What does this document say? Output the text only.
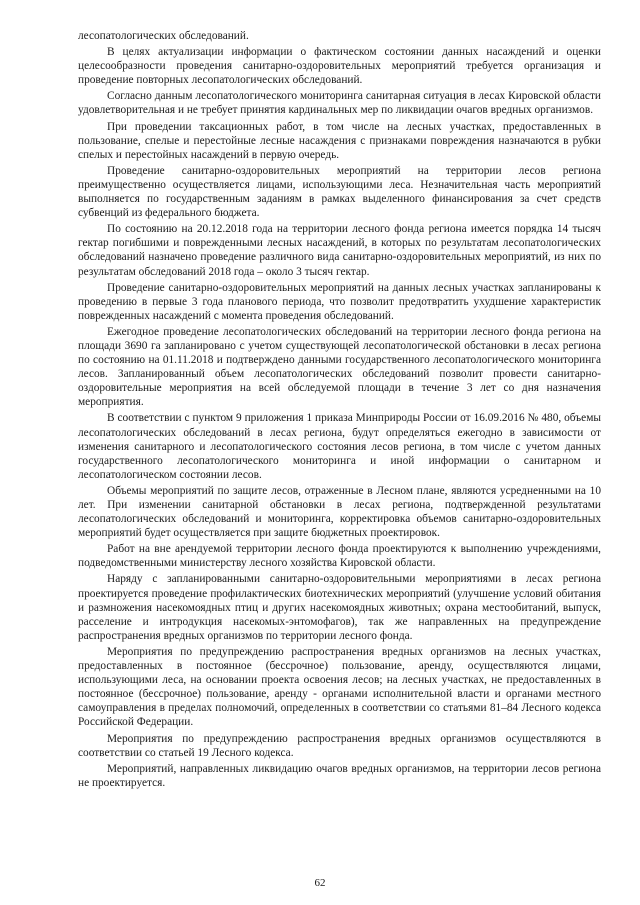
лесопатологических обследований.

В целях актуализации информации о фактическом состоянии данных насаждений и оценки целесообразности проведения санитарно-оздоровительных мероприятий требуется организация и проведение повторных лесопатологических обследований.

Согласно данным лесопатологического мониторинга санитарная ситуация в лесах Кировской области удовлетворительная и не требует принятия кардинальных мер по ликвидации очагов вредных организмов.

При проведении таксационных работ, в том числе на лесных участках, предоставленных в пользование, спелые и перестойные лесные насаждения с признаками повреждения назначаются в рубки спелых и перестойных насаждений в первую очередь.

Проведение санитарно-оздоровительных мероприятий на территории лесов региона преимущественно осуществляется лицами, использующими леса. Незначительная часть мероприятий выполняется по государственным заданиям в рамках выделенного финансирования за счет средств субвенций из федерального бюджета.

По состоянию на 20.12.2018 года на территории лесного фонда региона имеется порядка 14 тысяч гектар погибшими и поврежденными лесных насаждений, в которых по результатам лесопатологических обследований назначено проведение различного вида санитарно-оздоровительных мероприятий, из них по результатам обследований 2018 года – около 3 тысяч гектар.

Проведение санитарно-оздоровительных мероприятий на данных лесных участках запланированы к проведению в первые 3 года планового периода, что позволит предотвратить ухудшение характеристик поврежденных насаждений с момента проведения обследований.

Ежегодное проведение лесопатологических обследований на территории лесного фонда региона на площади 3690 га запланировано с учетом существующей лесопатологической обстановки в лесах региона по состоянию на 01.11.2018 и подтверждено данными государственного лесопатологического мониторинга лесов. Запланированный объем лесопатологических обследований позволит провести санитарно-оздоровительные мероприятия на всей обследуемой площади в течение 3 лет со дня назначения мероприятия.

В соответствии с пунктом 9 приложения 1 приказа Минприроды России от 16.09.2016 № 480, объемы лесопатологических обследований в лесах региона, будут определяться ежегодно в зависимости от изменения санитарного и лесопатологического состояния лесов региона, в том числе с учетом данных государственного лесопатологического мониторинга и иной информации о санитарном и лесопатологическом состоянии лесов.

Объемы мероприятий по защите лесов, отраженные в Лесном плане, являются усредненными на 10 лет. При изменении санитарной обстановки в лесах региона, подтвержденной результатами лесопатологических обследований и мониторинга, корректировка объемов санитарно-оздоровительных мероприятий будет осуществляется при защите бюджетных проектировок.

Работ на вне арендуемой территории лесного фонда проектируются к выполнению учреждениями, подведомственными министерству лесного хозяйства Кировской области.

Наряду с запланированными санитарно-оздоровительными мероприятиями в лесах региона проектируется проведение профилактических биотехнических мероприятий (улучшение условий обитания и размножения насекомоядных птиц и других насекомоядных животных; охрана местообитаний, выпуск, расселение и интродукция насекомых-энтомофагов), так же направленных на предупреждение распространения вредных организмов по территории лесного фонда.

Мероприятия по предупреждению распространения вредных организмов на лесных участках, предоставленных в постоянное (бессрочное) пользование, аренду, осуществляются лицами, использующими леса, на основании проекта освоения лесов; на лесных участках, не предоставленных в постоянное (бессрочное) пользование, аренду - органами исполнительной власти и органами местного самоуправления в пределах полномочий, определенных в соответствии со статьями 81–84 Лесного кодекса Российской Федерации.

Мероприятия по предупреждению распространения вредных организмов осуществляются в соответствии со статьей 19 Лесного кодекса.

Мероприятий, направленных ликвидацию очагов вредных организмов, на территории лесов региона не проектируется.

62
